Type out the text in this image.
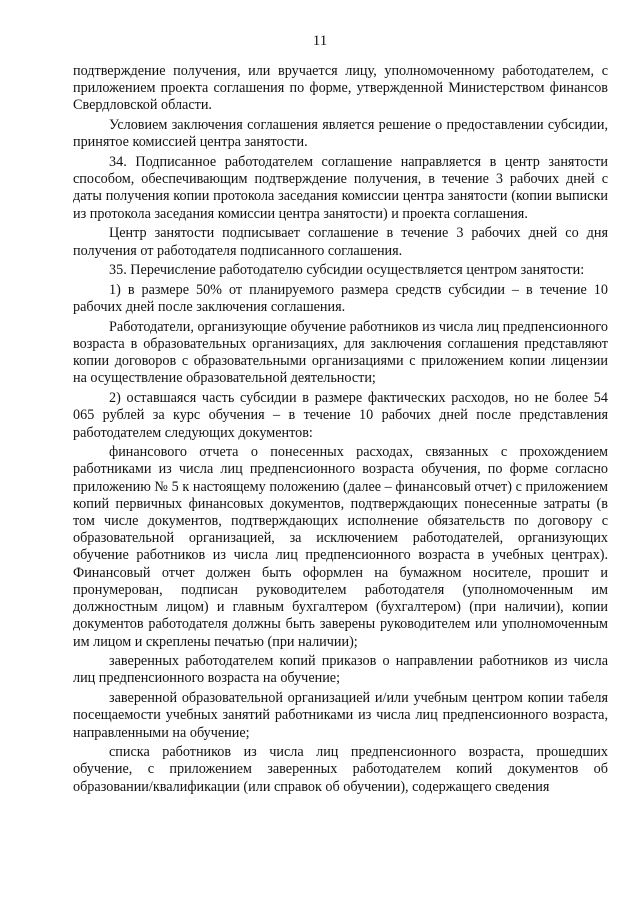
11

подтверждение получения, или вручается лицу, уполномоченному работодателем, с приложением проекта соглашения по форме, утвержденной Министерством финансов Свердловской области.

Условием заключения соглашения является решение о предоставлении субсидии, принятое комиссией центра занятости.

34. Подписанное работодателем соглашение направляется в центр занятости способом, обеспечивающим подтверждение получения, в течение 3 рабочих дней с даты получения копии протокола заседания комиссии центра занятости (копии выписки из протокола заседания комиссии центра занятости) и проекта соглашения.

Центр занятости подписывает соглашение в течение 3 рабочих дней со дня получения от работодателя подписанного соглашения.

35. Перечисление работодателю субсидии осуществляется центром занятости:

1) в размере 50% от планируемого размера средств субсидии – в течение 10 рабочих дней после заключения соглашения.

Работодатели, организующие обучение работников из числа лиц предпенсионного возраста в образовательных организациях, для заключения соглашения представляют копии договоров с образовательными организациями с приложением копии лицензии на осуществление образовательной деятельности;

2) оставшаяся часть субсидии в размере фактических расходов, но не более 54 065 рублей за курс обучения – в течение 10 рабочих дней после представления работодателем следующих документов:

финансового отчета о понесенных расходах, связанных с прохождением работниками из числа лиц предпенсионного возраста обучения, по форме согласно приложению № 5 к настоящему положению (далее – финансовый отчет) с приложением копий первичных финансовых документов, подтверждающих понесенные затраты (в том числе документов, подтверждающих исполнение обязательств по договору с образовательной организацией, за исключением работодателей, организующих обучение работников из числа лиц предпенсионного возраста в учебных центрах). Финансовый отчет должен быть оформлен на бумажном носителе, прошит и пронумерован, подписан руководителем работодателя (уполномоченным им должностным лицом) и главным бухгалтером (бухгалтером) (при наличии), копии документов работодателя должны быть заверены руководителем или уполномоченным им лицом и скреплены печатью (при наличии);

заверенных работодателем копий приказов о направлении работников из числа лиц предпенсионного возраста на обучение;

заверенной образовательной организацией и/или учебным центром копии табеля посещаемости учебных занятий работниками из числа лиц предпенсионного возраста, направленными на обучение;

списка работников из числа лиц предпенсионного возраста, прошедших обучение, с приложением заверенных работодателем копий документов об образовании/квалификации (или справок об обучении), содержащего сведения
